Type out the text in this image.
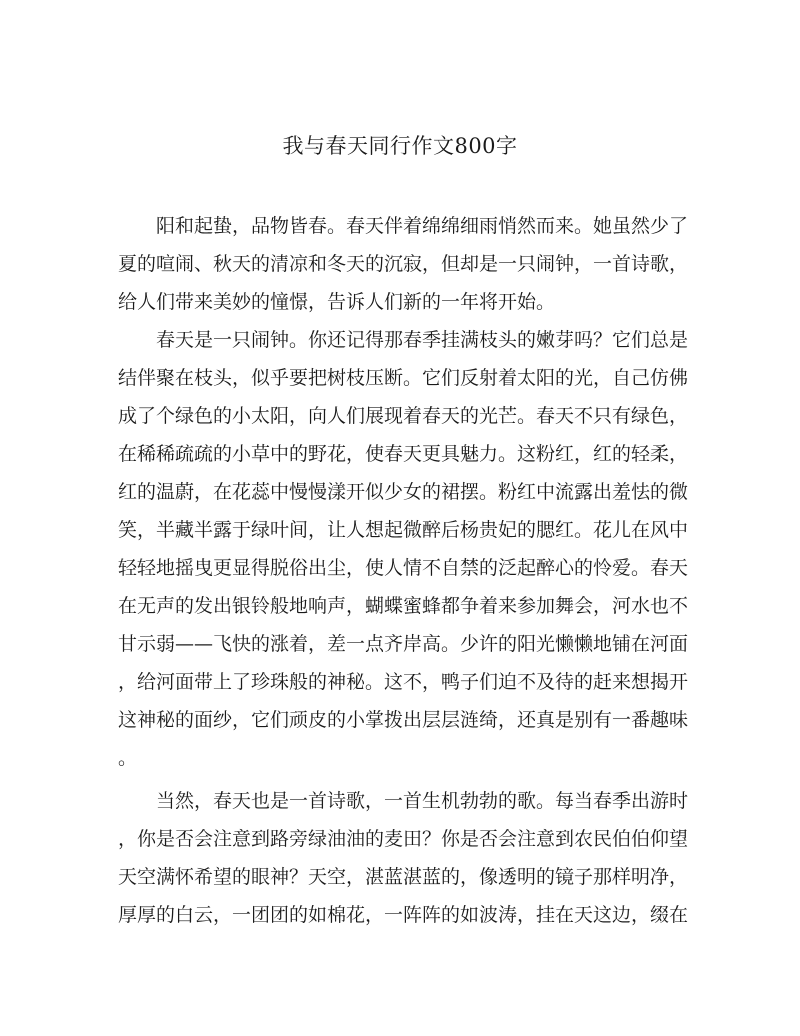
我与春天同行作文800字
　　阳和起蛰，品物皆春。春天伴着绵绵细雨悄然而来。她虽然少了
夏的喧闹、秋天的清凉和冬天的沉寂，但却是一只闹钟，一首诗歌，
给人们带来美妙的憧憬，告诉人们新的一年将开始。
　　春天是一只闹钟。你还记得那春季挂满枝头的嫩芽吗？它们总是
结伴聚在枝头，似乎要把树枝压断。它们反射着太阳的光，自己仿佛
成了个绿色的小太阳，向人们展现着春天的光芒。春天不只有绿色，
在稀稀疏疏的小草中的野花，使春天更具魅力。这粉红，红的轻柔，
红的温蔚，在花蕊中慢慢漾开似少女的裙摆。粉红中流露出羞怯的微
笑，半藏半露于绿叶间，让人想起微醉后杨贵妃的腮红。花儿在风中
轻轻地摇曳更显得脱俗出尘，使人情不自禁的泛起醉心的怜爱。春天
在无声的发出银铃般地响声，蝴蝶蜜蜂都争着来参加舞会，河水也不
甘示弱——飞快的涨着，差一点齐岸高。少许的阳光懒懒地铺在河面
，给河面带上了珍珠般的神秘。这不，鸭子们迫不及待的赶来想揭开
这神秘的面纱，它们顽皮的小掌拨出层层涟绮，还真是别有一番趣味
。
　　当然，春天也是一首诗歌，一首生机勃勃的歌。每当春季出游时
，你是否会注意到路旁绿油油的麦田？你是否会注意到农民伯伯仰望
天空满怀希望的眼神？天空，湛蓝湛蓝的，像透明的镜子那样明净，
厚厚的白云，一团团的如棉花，一阵阵的如波涛，挂在天这边，缀在
